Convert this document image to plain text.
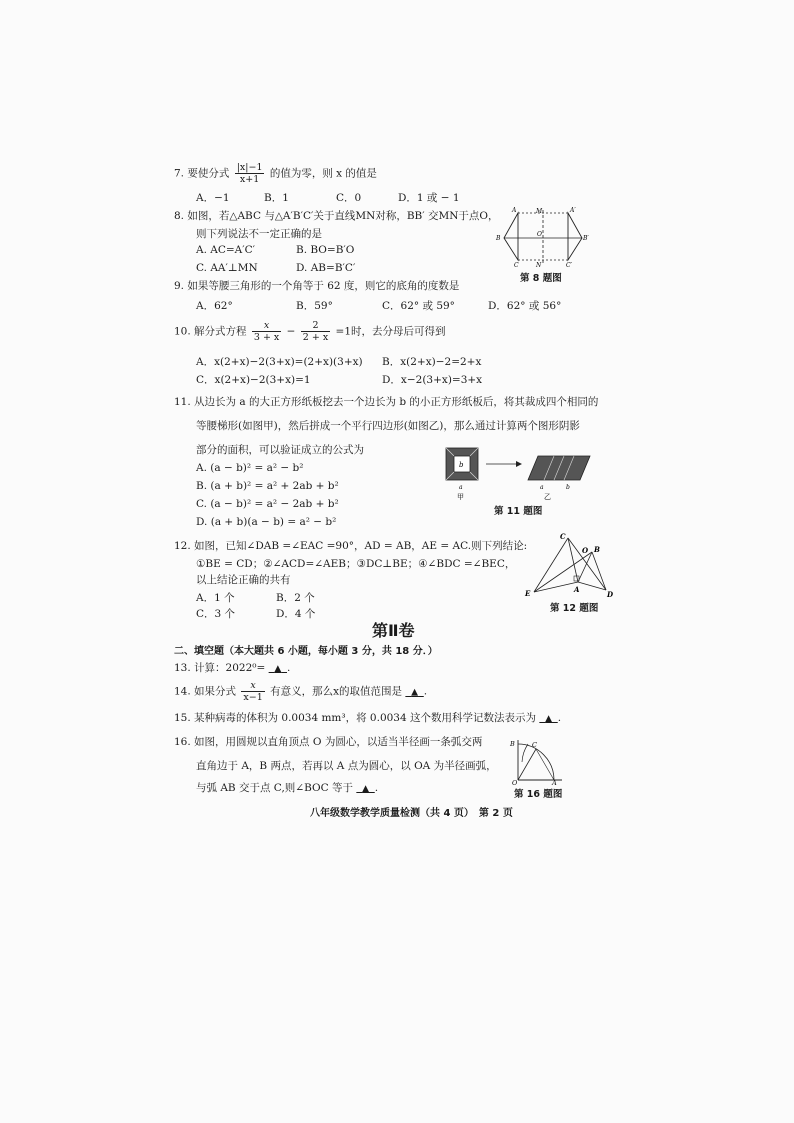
7. 要使分式 $\frac{|x|-1}{x+1}$ 的值为零，则 x 的值是
A．−1	B．1	C．0	D．1 或 − 1
8. 如图，若△ABC 与△A′B′C′关于直线MN对称，BB′ 交MN于点O，
则下列说法不一定正确的是
A. AC=A′C′	B. BO=B′O
C. AA′⊥MN	D. AB=B′C′
A	M	A′
B
O
B′
C	N	C′
第 8 题图
9. 如果等腰三角形的一个角等于 62 度，则它的底角的度数是
A．62°	B．59°	C．62° 或 59°	D．62° 或 56°
10. 解分式方程 $\frac{x}{3 + x} - \frac{2}{2 + x} =1$时，去分母后可得到
A．x(2+x)−2(3+x)=(2+x)(3+x) B．x(2+x)−2=2+x
C．x(2+x)−2(3+x)=1	D．x−2(3+x)=3+x
11. 从边长为 a 的大正方形纸板挖去一个边长为 b 的小正方形纸板后，将其裁成四个相同的
等腰梯形(如图甲)，然后拼成一个平行四边形(如图乙)，那么通过计算两个图形阴影
部分的面积，可以验证成立的公式为
A. (a − b)² = a² − b²
B. (a + b)² = a² + 2ab + b²
C. (a − b)² = a² − 2ab + b²
D. (a + b)(a − b) = a² − b²
b
a
甲
a	b
乙
第 11 题图
12. 如图，已知∠DAB =∠EAC =90°，AD = AB，AE = AC.则下列结论:
①BE = CD；②∠ACD=∠AEB；③DC⊥BE；④∠BDC =∠BEC，
以上结论正确的共有
A．1 个	B．2 个
C．3 个	D．4 个
C
O B
E	A
D
第 12 题图
第Ⅱ卷
二、填空题（本大题共 6 小题，每小题 3 分，共 18 分．）
13. 计算：2022⁰= ▲ .
14. 如果分式 $\frac{x}{x-1}$ 有意义，那么x的取值范围是 ▲ .
15. 某种病毒的体积为 0.0034 mm³，将 0.0034 这个数用科学记数法表示为 ▲ .
16. 如图，用圆规以直角顶点 O 为圆心，以适当半径画一条弧交两
直角边于 A，B 两点，若再以 A 点为圆心，以 OA 为半径画弧，
与弧 AB 交于点 C,则∠BOC 等于 ▲ .
B	C
O	A
第 16 题图
八年级数学教学质量检测（共 4 页）　第 2 页
